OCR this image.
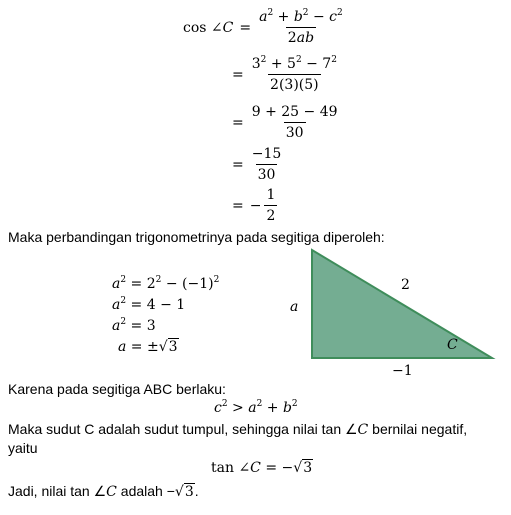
cos ∠C = $\frac{a^2 + b^2 - c^2}{2ab}$
= $\frac{3^2 + 5^2 - 7^2}{2(3)(5)}$
= $\frac{9 + 25 - 49}{30}$
= $\frac{-15}{30}$
= − $\frac{1}{2}$
Maka perbandingan trigonometrinya pada segitiga diperoleh:
$a^2 = 2^2 - (-1)^2$
$a^2 = 4 - 1$
$a^2 = 3$
a = ±√3
a
2
C
−1
Karena pada segitiga ABC berlaku:
$c^2 > a^2 + b^2$
Maka sudut C adalah sudut tumpul, sehingga nilai tan ∠C bernilai negatif,
yaitu
tan ∠C = −√3
Jadi, nilai tan ∠C adalah −√3.
